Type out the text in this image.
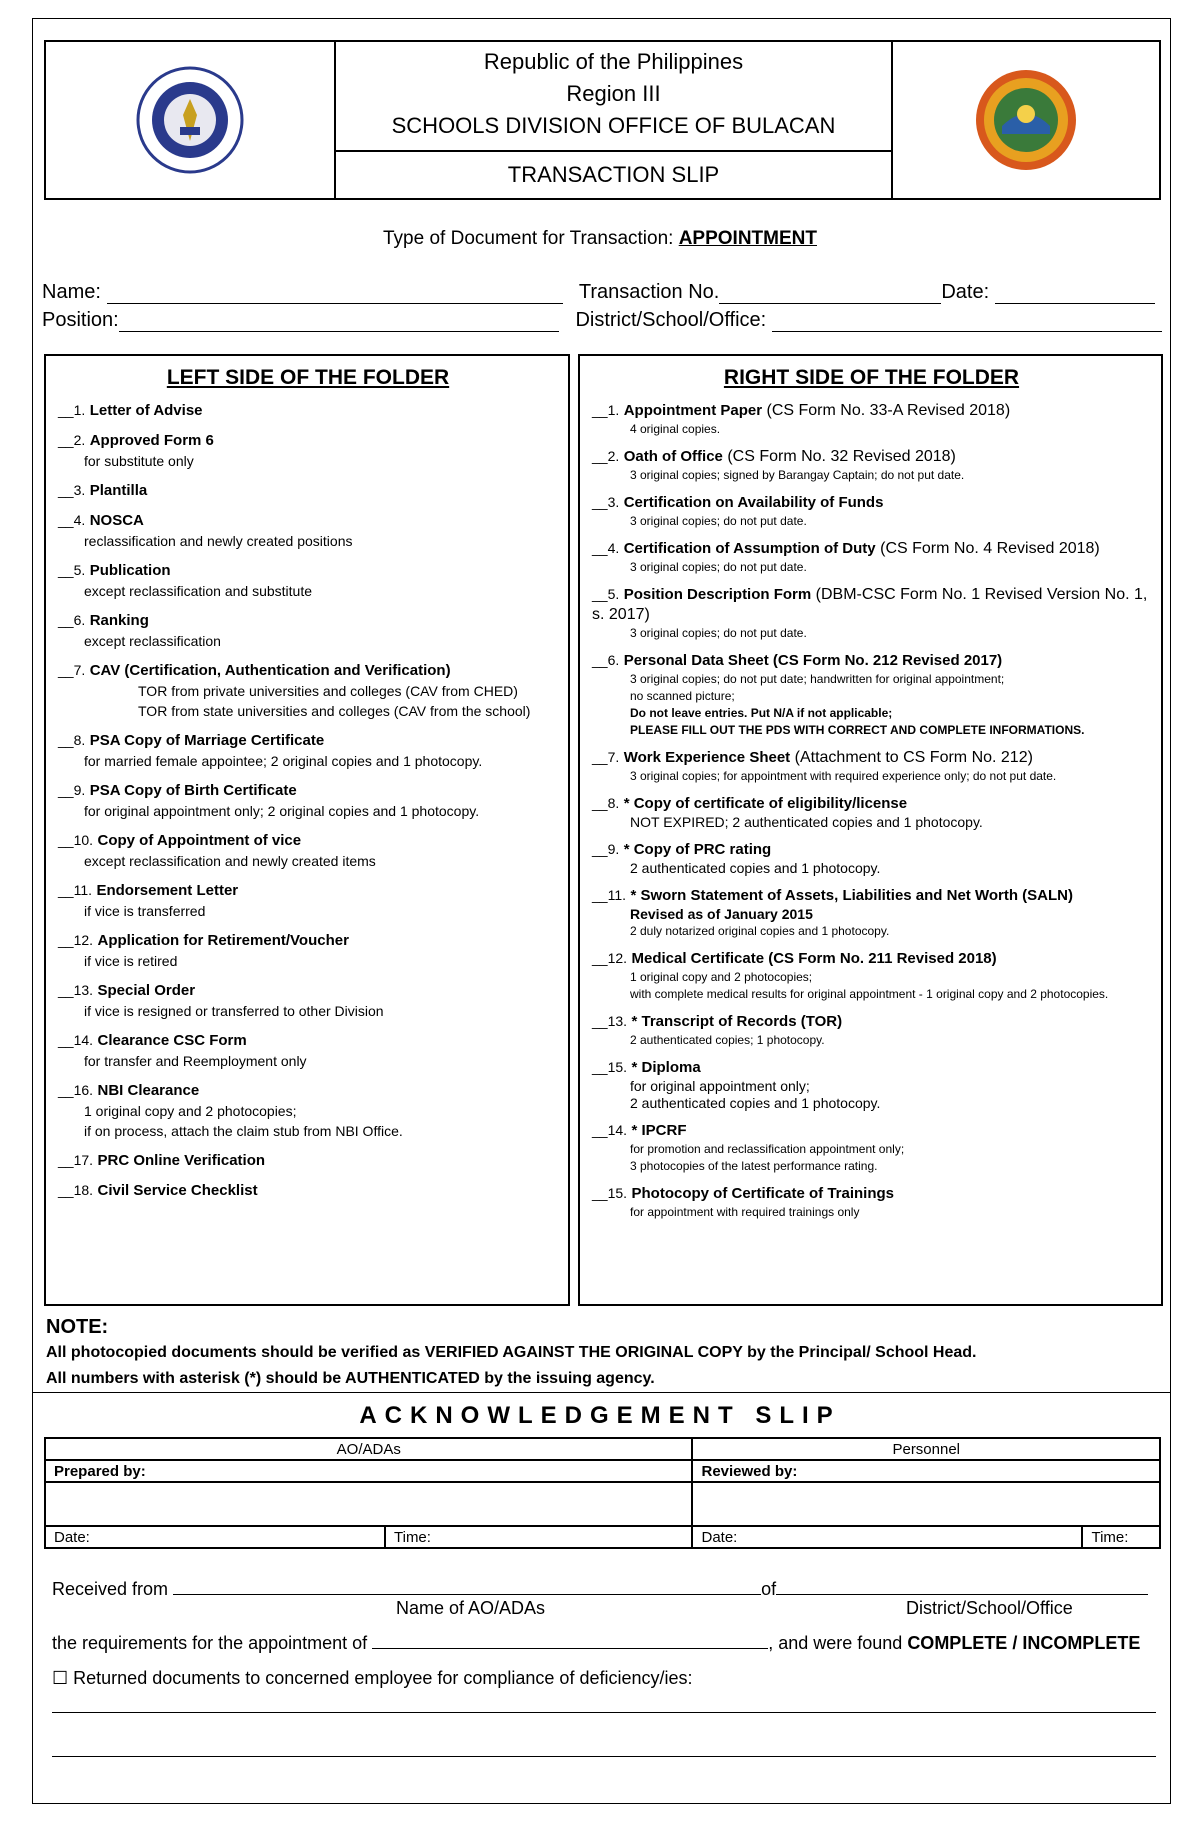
Republic of the Philippines
Region III
SCHOOLS DIVISION OFFICE OF BULACAN
TRANSACTION SLIP
Type of Document for Transaction: APPOINTMENT
Name:	Transaction No.	Date:
Position:	District/School/Office:
LEFT SIDE OF THE FOLDER
__1. Letter of Advise
__2. Approved Form 6
for substitute only
__3. Plantilla
__4. NOSCA
reclassification and newly created positions
__5. Publication
except reclassification and substitute
__6. Ranking
except reclassification
__7. CAV (Certification, Authentication and Verification)
TOR from private universities and colleges (CAV from CHED)
TOR from state universities and colleges (CAV from the school)
__8. PSA Copy of Marriage Certificate
for married female appointee; 2 original copies and 1 photocopy.
__9. PSA Copy of Birth Certificate
for original appointment only; 2 original copies and 1 photocopy.
__10. Copy of Appointment of vice
except reclassification and newly created items
__11. Endorsement Letter
if vice is transferred
__12. Application for Retirement/Voucher
if vice is retired
__13. Special Order
if vice is resigned or transferred to other Division
__14. Clearance CSC Form
for transfer and Reemployment only
__16. NBI Clearance
1 original copy and 2 photocopies;
if on process, attach the claim stub from NBI Office.
__17. PRC Online Verification
__18. Civil Service Checklist
RIGHT SIDE OF THE FOLDER
__1. Appointment Paper (CS Form No. 33-A Revised 2018)
4 original copies.
__2. Oath of Office (CS Form No. 32 Revised 2018)
3 original copies; signed by Barangay Captain; do not put date.
__3. Certification on Availability of Funds
3 original copies; do not put date.
__4. Certification of Assumption of Duty (CS Form No. 4 Revised 2018)
3 original copies; do not put date.
__5. Position Description Form (DBM-CSC Form No. 1 Revised Version No. 1, s. 2017)
3 original copies; do not put date.
__6. Personal Data Sheet (CS Form No. 212 Revised 2017)
3 original copies; do not put date; handwritten for original appointment;
no scanned picture;
Do not leave entries. Put N/A if not applicable;
PLEASE FILL OUT THE PDS WITH CORRECT AND COMPLETE INFORMATIONS.
__7. Work Experience Sheet (Attachment to CS Form No. 212)
3 original copies; for appointment with required experience only; do not put date.
__8. * Copy of certificate of eligibility/license
NOT EXPIRED; 2 authenticated copies and 1 photocopy.
__9. * Copy of PRC rating
2 authenticated copies and 1 photocopy.
__11. * Sworn Statement of Assets, Liabilities and Net Worth (SALN)
Revised as of January 2015
2 duly notarized original copies and 1 photocopy.
__12. Medical Certificate (CS Form No. 211 Revised 2018)
1 original copy and 2 photocopies;
with complete medical results for original appointment - 1 original copy and 2 photocopies.
__13. * Transcript of Records (TOR)
2 authenticated copies; 1 photocopy.
__15. * Diploma
for original appointment only;
2 authenticated copies and 1 photocopy.
__14. * IPCRF
for promotion and reclassification appointment only;
3 photocopies of the latest performance rating.
__15. Photocopy of Certificate of Trainings
for appointment with required trainings only
NOTE:
All photocopied documents should be verified as VERIFIED AGAINST THE ORIGINAL COPY by the Principal/ School Head.
All numbers with asterisk (*) should be AUTHENTICATED by the issuing agency.
ACKNOWLEDGEMENT SLIP
AO/ADAs		Personnel	
Prepared by:		Reviewed by:	

Date:	Time:	Date:	Time:
Received from	of
Name of AO/ADAs	District/School/Office
the requirements for the appointment of	, and were found COMPLETE / INCOMPLETE
☐ Returned documents to concerned employee for compliance of deficiency/ies:
